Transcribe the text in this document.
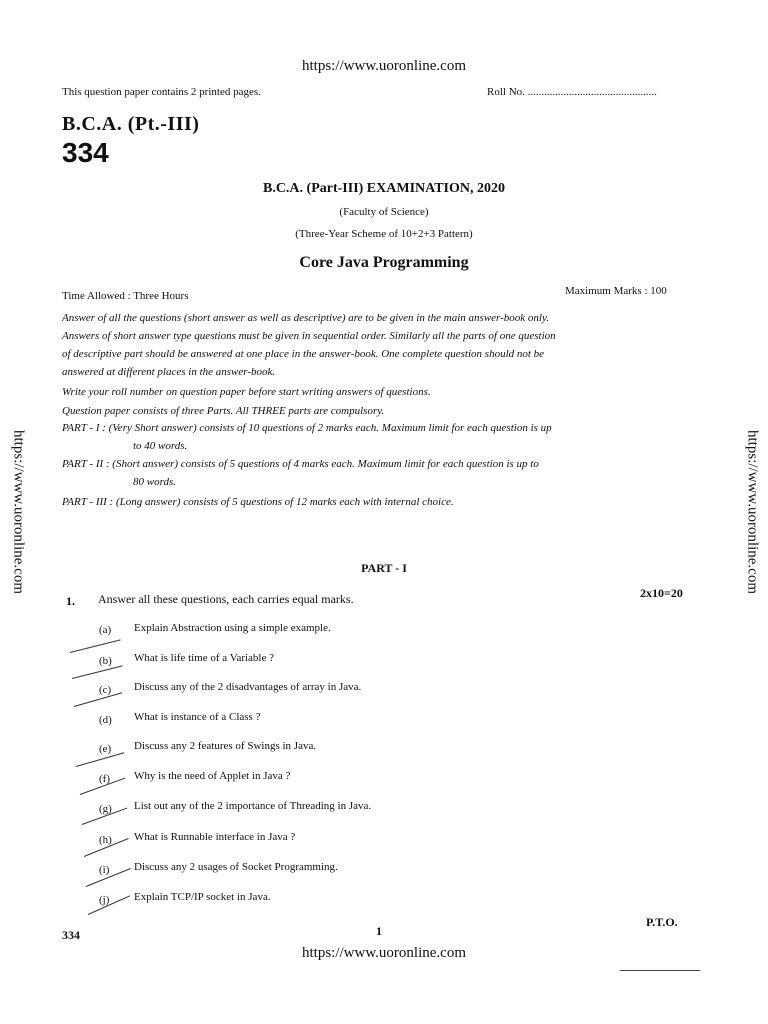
https://www.uoronline.com
https://www.uoronline.com	https://www.uoronline.com
This question paper contains 2 printed pages.	Roll No. ...............................................
B.C.A. (Pt.-III)
334
B.C.A. (Part-III) EXAMINATION, 2020
(Faculty of Science)
(Three-Year Scheme of 10+2+3 Pattern)
Core Java Programming
Time Allowed : Three Hours	Maximum Marks : 100
Answer of all the questions (short answer as well as descriptive) are to be given in the main answer-book only.
Answers of short answer type questions must be given in sequential order. Similarly all the parts of one question
of descriptive part should be answered at one place in the answer-book. One complete question should not be
answered at different places in the answer-book.
Write your roll number on question paper before start writing answers of questions.
Question paper consists of three Parts. All THREE parts are compulsory.
PART - I : (Very Short answer) consists of 10 questions of 2 marks each. Maximum limit for each question is up
to 40 words.
PART - II : (Short answer) consists of 5 questions of 4 marks each. Maximum limit for each question is up to
80 words.
PART - III : (Long answer) consists of 5 questions of 12 marks each with internal choice.
PART - I
1. Answer all these questions, each carries equal marks.	2x10=20
(a) Explain Abstraction using a simple example.
(b) What is life time of a Variable ?
(c) Discuss any of the 2 disadvantages of array in Java.
(d) What is instance of a Class ?
(e) Discuss any 2 features of Swings in Java.
(f) Why is the need of Applet in Java ?
(g) List out any of the 2 importance of Threading in Java.
(h) What is Runnable interface in Java ?
(i) Discuss any 2 usages of Socket Programming.
(j) Explain TCP/IP socket in Java.
334	1
P.T.O.
https://www.uoronline.com
